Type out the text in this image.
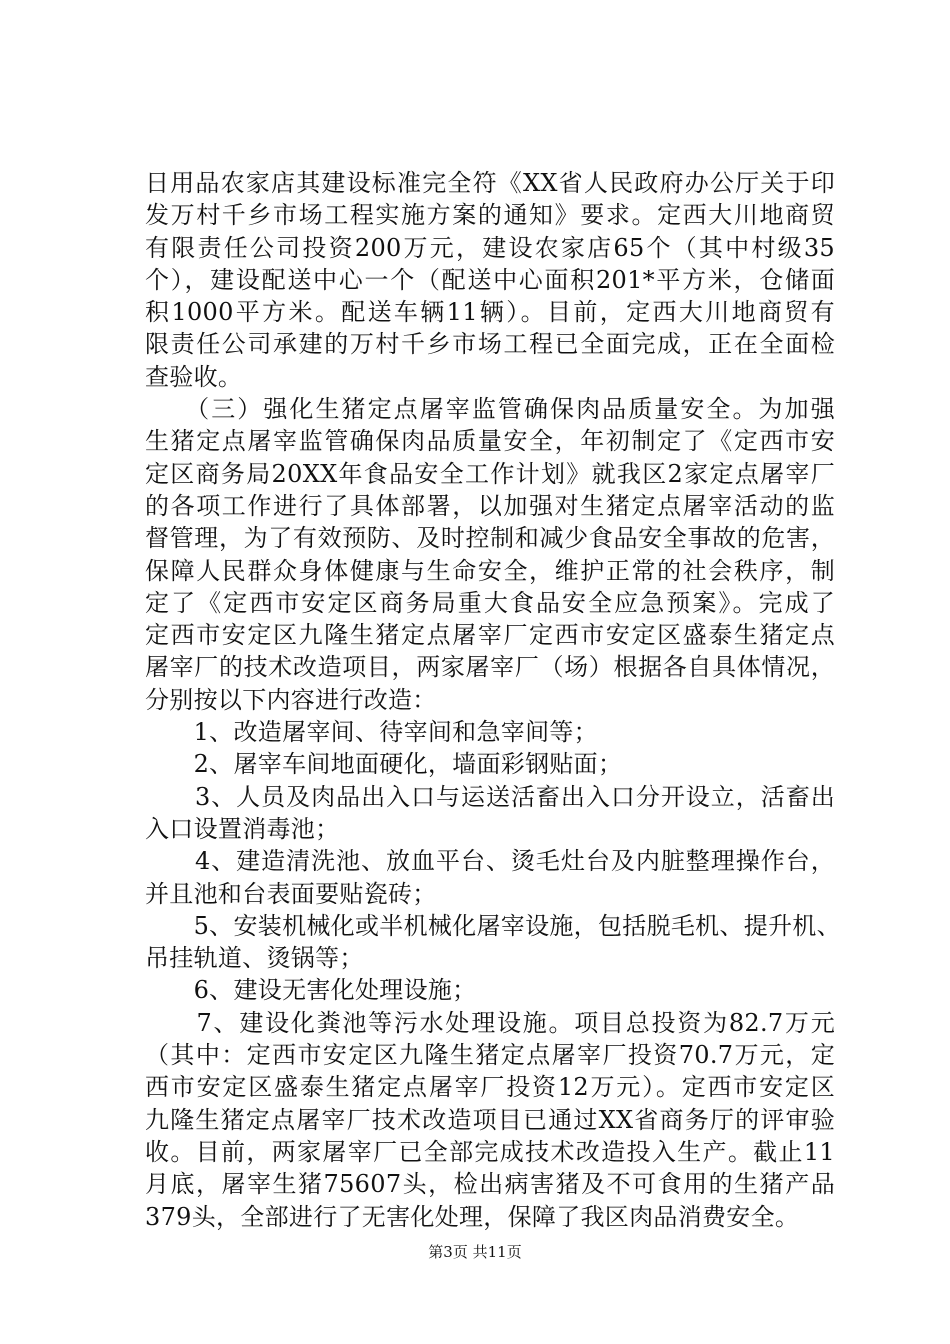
日用品农家店其建设标准完全符《XX省人民政府办公厅关于印
发万村千乡市场工程实施方案的通知》要求。定西大川地商贸
有限责任公司投资200万元，建设农家店65个（其中村级35
个），建设配送中心一个（配送中心面积201*平方米，仓储面
积1000平方米。配送车辆11辆）。目前，定西大川地商贸有
限责任公司承建的万村千乡市场工程已全面完成，正在全面检
查验收。
　　（三）强化生猪定点屠宰监管确保肉品质量安全。为加强
生猪定点屠宰监管确保肉品质量安全，年初制定了《定西市安
定区商务局20XX年食品安全工作计划》就我区2家定点屠宰厂
的各项工作进行了具体部署，以加强对生猪定点屠宰活动的监
督管理，为了有效预防、及时控制和减少食品安全事故的危害，
保障人民群众身体健康与生命安全，维护正常的社会秩序，制
定了《定西市安定区商务局重大食品安全应急预案》。完成了
定西市安定区九隆生猪定点屠宰厂定西市安定区盛泰生猪定点
屠宰厂的技术改造项目，两家屠宰厂（场）根据各自具体情况，
分别按以下内容进行改造：
　　1、改造屠宰间、待宰间和急宰间等；
　　2、屠宰车间地面硬化，墙面彩钢贴面；
　　3、人员及肉品出入口与运送活畜出入口分开设立，活畜出
入口设置消毒池；
　　4、建造清洗池、放血平台、烫毛灶台及内脏整理操作台，
并且池和台表面要贴瓷砖；
　　5、安装机械化或半机械化屠宰设施，包括脱毛机、提升机、
吊挂轨道、烫锅等；
　　6、建设无害化处理设施；
　　7、建设化粪池等污水处理设施。项目总投资为82.7万元
（其中：定西市安定区九隆生猪定点屠宰厂投资70.7万元，定
西市安定区盛泰生猪定点屠宰厂投资12万元）。定西市安定区
九隆生猪定点屠宰厂技术改造项目已通过XX省商务厅的评审验
收。目前，两家屠宰厂已全部完成技术改造投入生产。截止11
月底，屠宰生猪75607头，检出病害猪及不可食用的生猪产品
379头，全部进行了无害化处理，保障了我区肉品消费安全。
第3页 共11页
